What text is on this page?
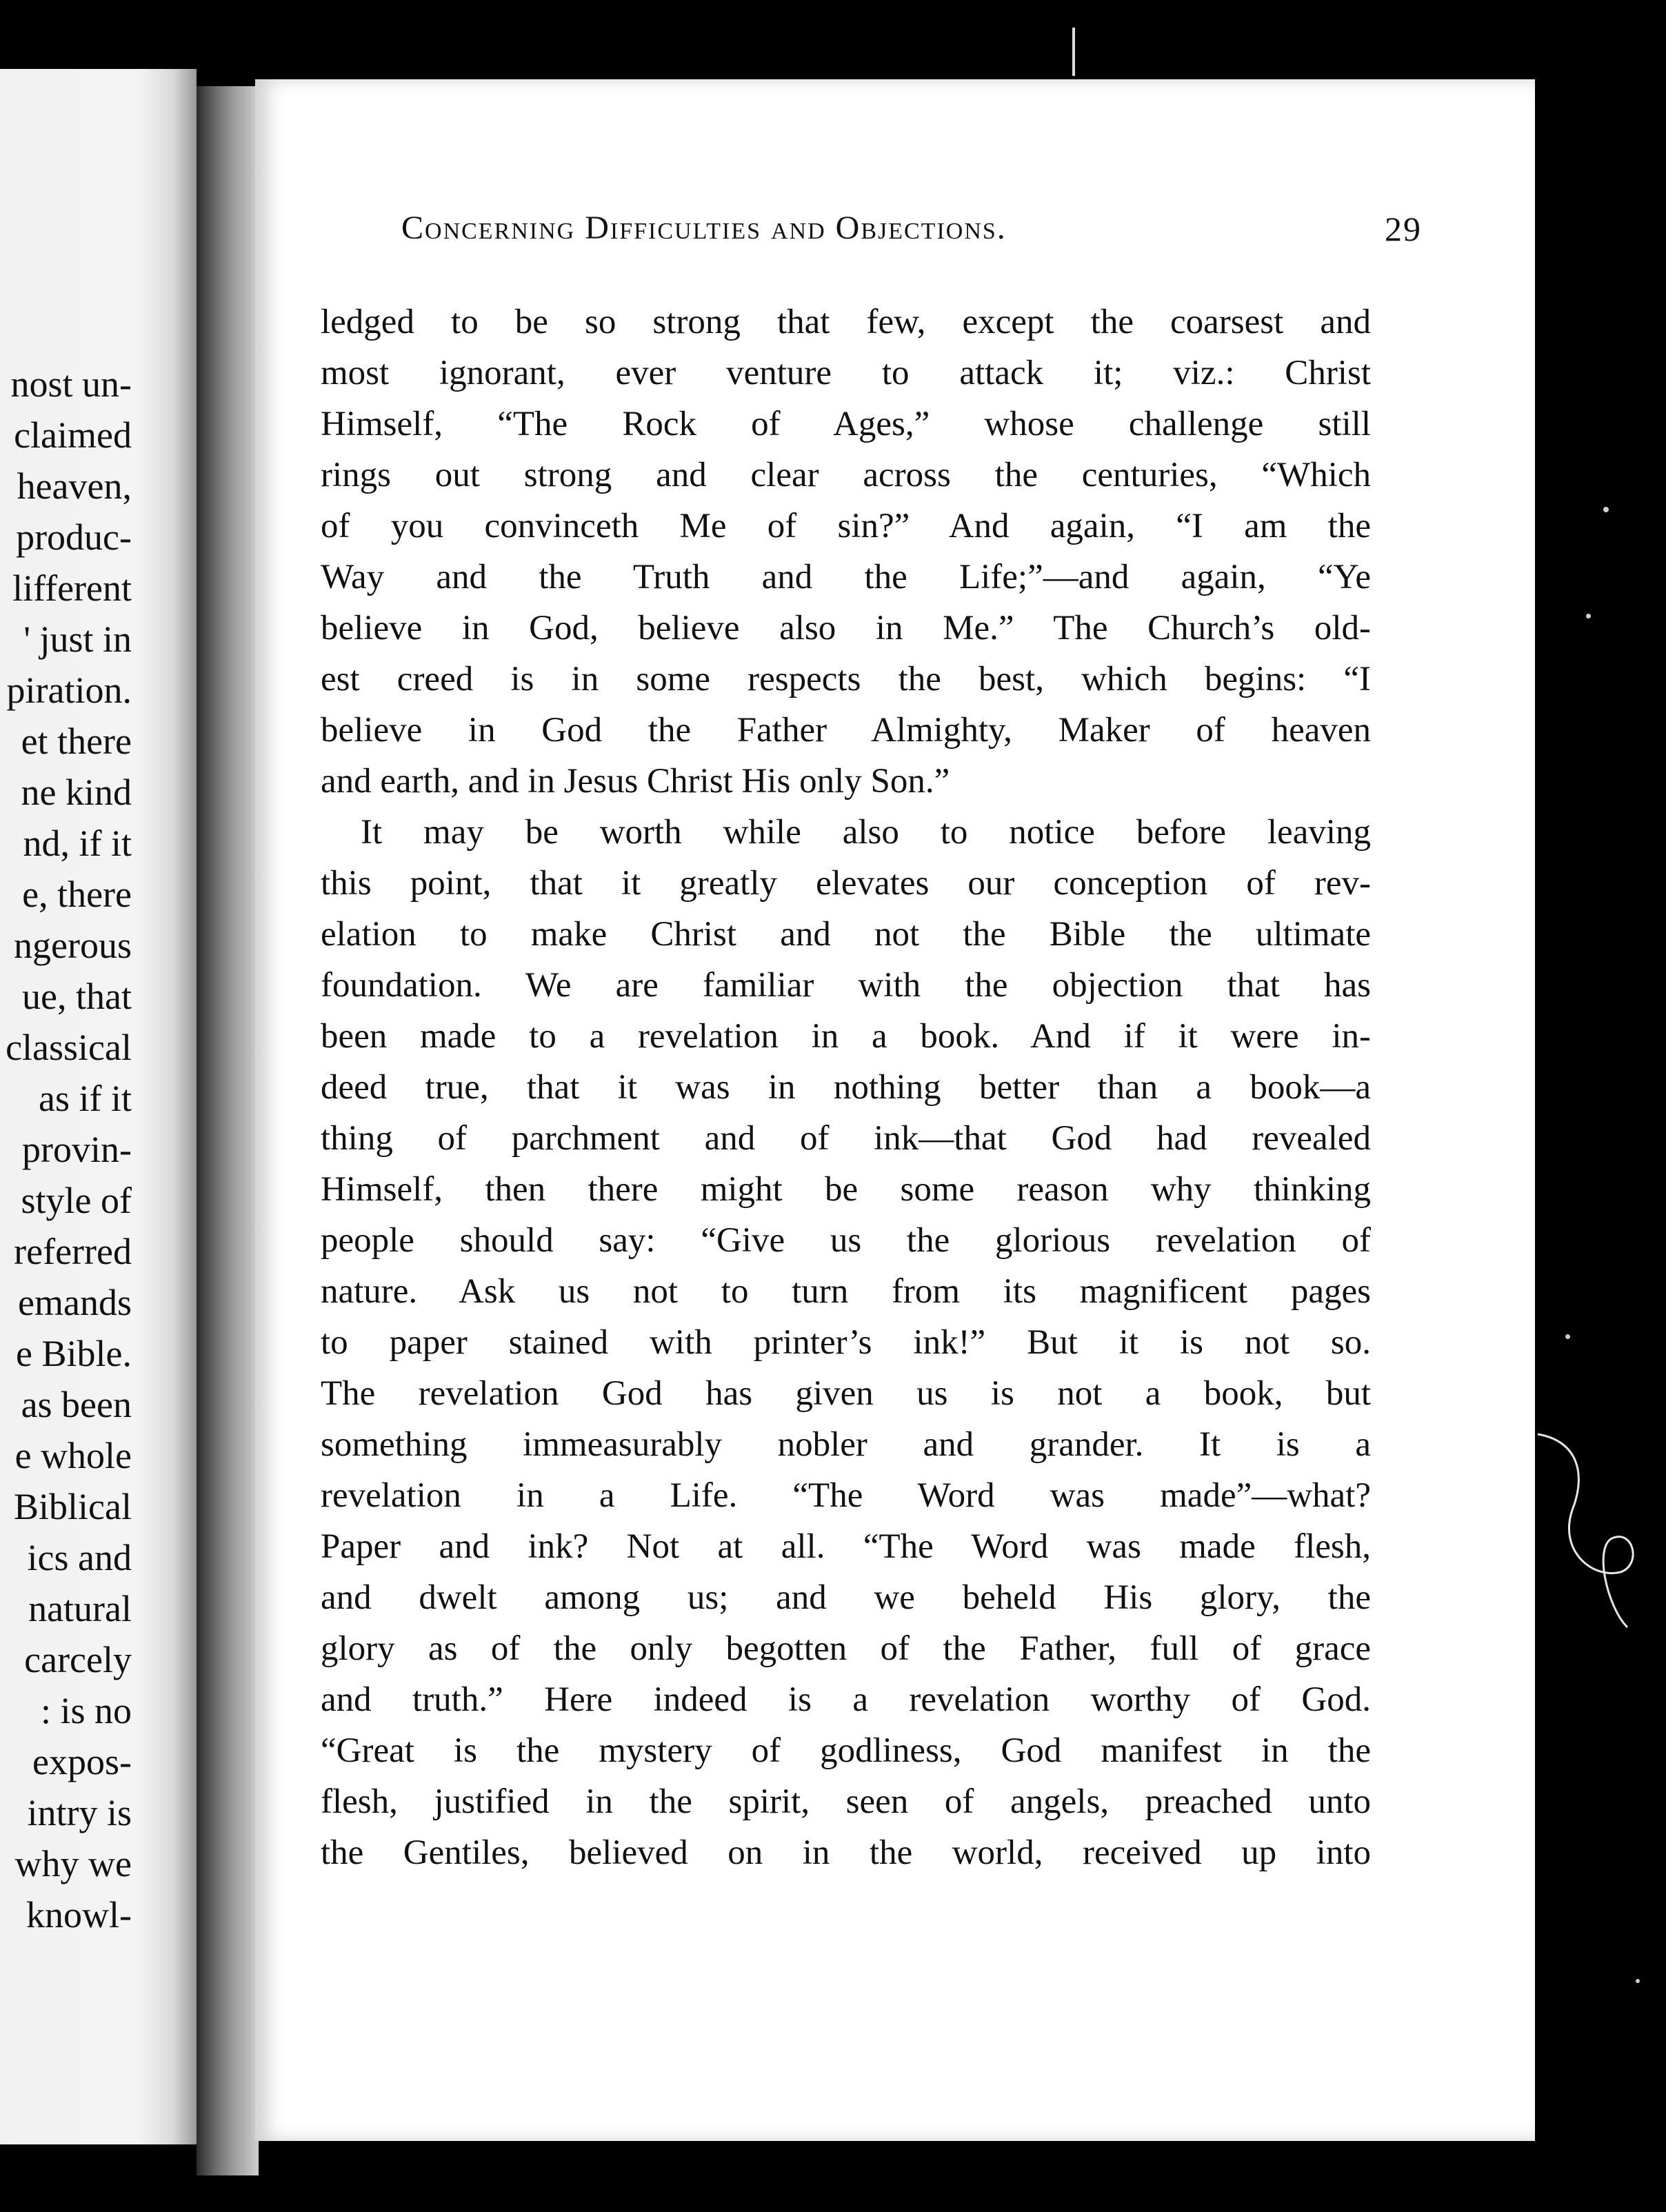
nost un-
claimed
heaven,
produc-
lifferent
' just in
piration.
et there
ne kind
nd, if it
e, there
ngerous
ue, that
classical
as if it
provin-
style of
referred
emands
e Bible.
as been
e whole
Biblical
ics and
natural
carcely
: is no
expos-
intry is
why we
knowl-
Concerning Difficulties and Objections.	29
ledged to be so strong that few, except the coarsest and
most ignorant, ever venture to attack it; viz.: Christ
Himself, “The Rock of Ages,” whose challenge still
rings out strong and clear across the centuries, “Which
of you convinceth Me of sin?” And again, “I am the
Way and the Truth and the Life;”—and again, “Ye
believe in God, believe also in Me.” The Church’s old-
est creed is in some respects the best, which begins: “I
believe in God the Father Almighty, Maker of heaven
and earth, and in Jesus Christ His only Son.”
It may be worth while also to notice before leaving
this point, that it greatly elevates our conception of rev-
elation to make Christ and not the Bible the ultimate
foundation. We are familiar with the objection that has
been made to a revelation in a book. And if it were in-
deed true, that it was in nothing better than a book—a
thing of parchment and of ink—that God had revealed
Himself, then there might be some reason why thinking
people should say: “Give us the glorious revelation of
nature. Ask us not to turn from its magnificent pages
to paper stained with printer’s ink!” But it is not so.
The revelation God has given us is not a book, but
something immeasurably nobler and grander. It is a
revelation in a Life. “The Word was made”—what?
Paper and ink? Not at all. “The Word was made flesh,
and dwelt among us; and we beheld His glory, the
glory as of the only begotten of the Father, full of grace
and truth.” Here indeed is a revelation worthy of God.
“Great is the mystery of godliness, God manifest in the
flesh, justified in the spirit, seen of angels, preached unto
the Gentiles, believed on in the world, received up into
